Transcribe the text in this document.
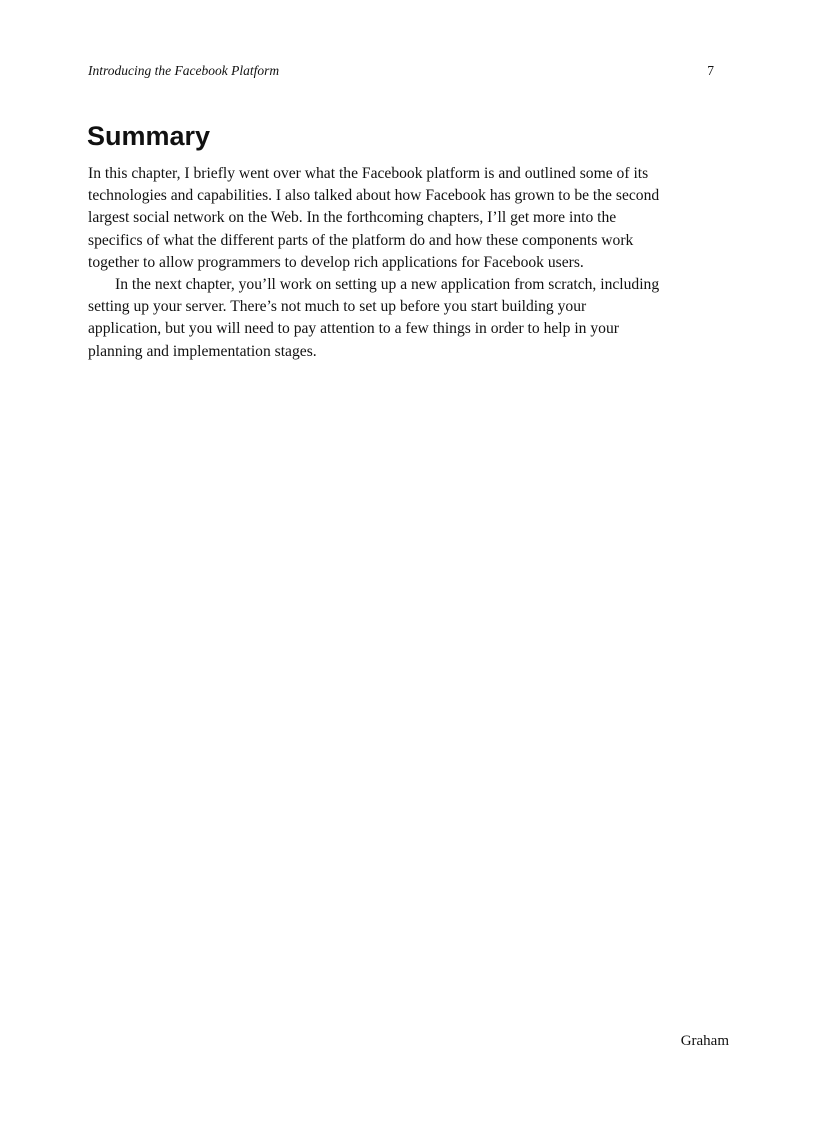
Introducing the Facebook Platform	7
Summary

In this chapter, I briefly went over what the Facebook platform is and outlined some of its
technologies and capabilities. I also talked about how Facebook has grown to be the second
largest social network on the Web. In the forthcoming chapters, I’ll get more into the
specifics of what the different parts of the platform do and how these components work
together to allow programmers to develop rich applications for Facebook users.

In the next chapter, you’ll work on setting up a new application from scratch, including
setting up your server. There’s not much to set up before you start building your
application, but you will need to pay attention to a few things in order to help in your
planning and implementation stages.

Graham
